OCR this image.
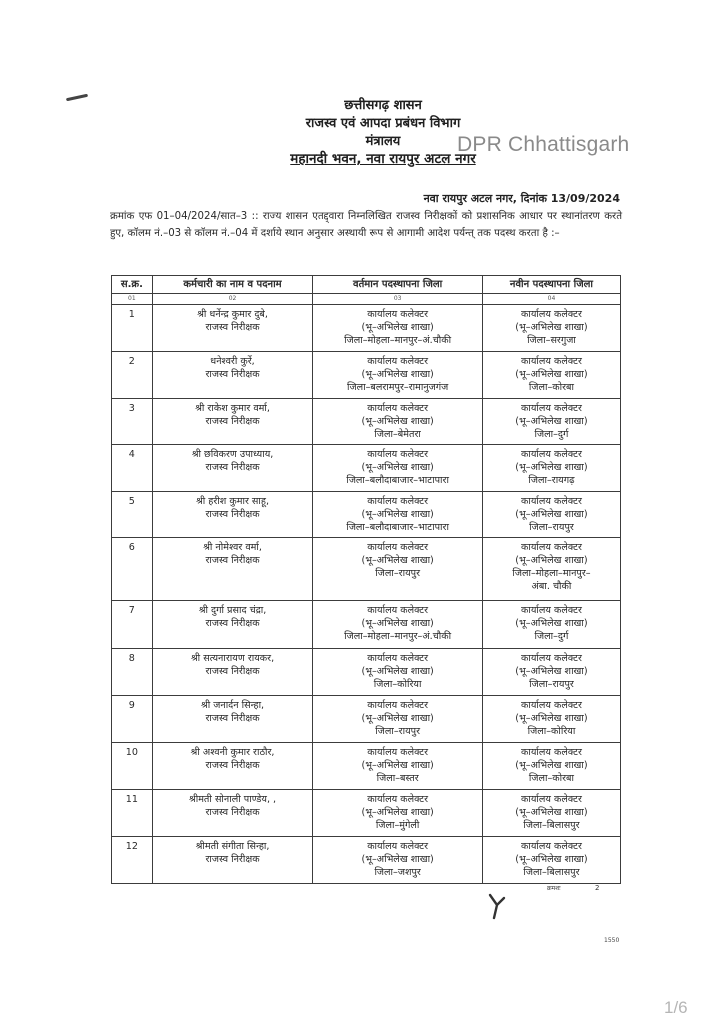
छत्तीसगढ़ शासन
राजस्व एवं आपदा प्रबंधन विभाग
मंत्रालय
महानदी भवन, नवा रायपुर अटल नगर
DPR Chhattisgarh
नवा रायपुर अटल नगर, दिनांक 13/09/2024
क्रमांक एफ 01–04/2024/सात–3 :: राज्य शासन एतद्द्वारा निम्नलिखित राजस्व निरीक्षकों को प्रशासनिक आधार पर स्थानांतरण करते हुए, कॉलम नं.–03 से कॉलम नं.–04 में दर्शाये स्थान अनुसार अस्थायी रूप से आगामी आदेश पर्यन्त् तक पदस्थ करता है :–
स.क्र.	कर्मचारी का नाम व पदनाम	वर्तमान पदस्थापना जिला	नवीन पदस्थापना जिला
01	02	03	04
1	श्री धर्नेन्द्र कुमार दुबे,
राजस्व निरीक्षक	कार्यालय कलेक्टर
(भू–अभिलेख शाखा)
जिला–मोहला–मानपुर–अं.चौकी	कार्यालय कलेक्टर
(भू–अभिलेख शाखा)
जिला–सरगुजा

2	धनेश्वरी कुर्रे,
राजस्व निरीक्षक	कार्यालय कलेक्टर
(भू–अभिलेख शाखा)
जिला–बलरामपुर–रामानुजगंज	कार्यालय कलेक्टर
(भू–अभिलेख शाखा)
जिला–कोरबा

3	श्री राकेश कुमार वर्मा,
राजस्व निरीक्षक	कार्यालय कलेक्टर
(भू–अभिलेख शाखा)
जिला–बेमेतरा	कार्यालय कलेक्टर
(भू–अभिलेख शाखा)
जिला–दुर्ग

4	श्री छविकरण उपाध्याय,
राजस्व निरीक्षक	कार्यालय कलेक्टर
(भू–अभिलेख शाखा)
जिला–बलौदाबाजार–भाटापारा	कार्यालय कलेक्टर
(भू–अभिलेख शाखा)
जिला–रायगढ़

5	श्री हरीश कुमार साहू,
राजस्व निरीक्षक	कार्यालय कलेक्टर
(भू–अभिलेख शाखा)
जिला–बलौदाबाजार–भाटापारा	कार्यालय कलेक्टर
(भू–अभिलेख शाखा)
जिला–रायपुर

6	श्री नोमेश्वर वर्मा,
राजस्व निरीक्षक	कार्यालय कलेक्टर
(भू–अभिलेख शाखा)
जिला–रायपुर	कार्यालय कलेक्टर
(भू–अभिलेख शाखा)
जिला–मोहला–मानपुर–
अंबा. चौकी

7	श्री दुर्गा प्रसाद चंद्रा,
राजस्व निरीक्षक	कार्यालय कलेक्टर
(भू–अभिलेख शाखा)
जिला–मोहला–मानपुर–अं.चौकी	कार्यालय कलेक्टर
(भू–अभिलेख शाखा)
जिला–दुर्ग

8	श्री सत्यनारायण रायकर,
राजस्व निरीक्षक	कार्यालय कलेक्टर
(भू–अभिलेख शाखा)
जिला–कोरिया	कार्यालय कलेक्टर
(भू–अभिलेख शाखा)
जिला–रायपुर

9	श्री जनार्दन सिन्हा,
राजस्व निरीक्षक	कार्यालय कलेक्टर
(भू–अभिलेख शाखा)
जिला–रायपुर	कार्यालय कलेक्टर
(भू–अभिलेख शाखा)
जिला–कोरिया

10	श्री अश्वनी कुमार राठौर,
राजस्व निरीक्षक	कार्यालय कलेक्टर
(भू–अभिलेख शाखा)
जिला–बस्तर	कार्यालय कलेक्टर
(भू–अभिलेख शाखा)
जिला–कोरबा

11	श्रीमती सोनाली पाण्डेय, ,
राजस्व निरीक्षक	कार्यालय कलेक्टर
(भू–अभिलेख शाखा)
जिला–मुंगेली	कार्यालय कलेक्टर
(भू–अभिलेख शाखा)
जिला–बिलासपुर

12	श्रीमती संगीता सिन्हा,
राजस्व निरीक्षक	कार्यालय कलेक्टर
(भू–अभिलेख शाखा)
जिला–जशपुर	कार्यालय कलेक्टर
(भू–अभिलेख शाखा)
जिला–बिलासपुर
क्रमशः	2
1550
1/6
